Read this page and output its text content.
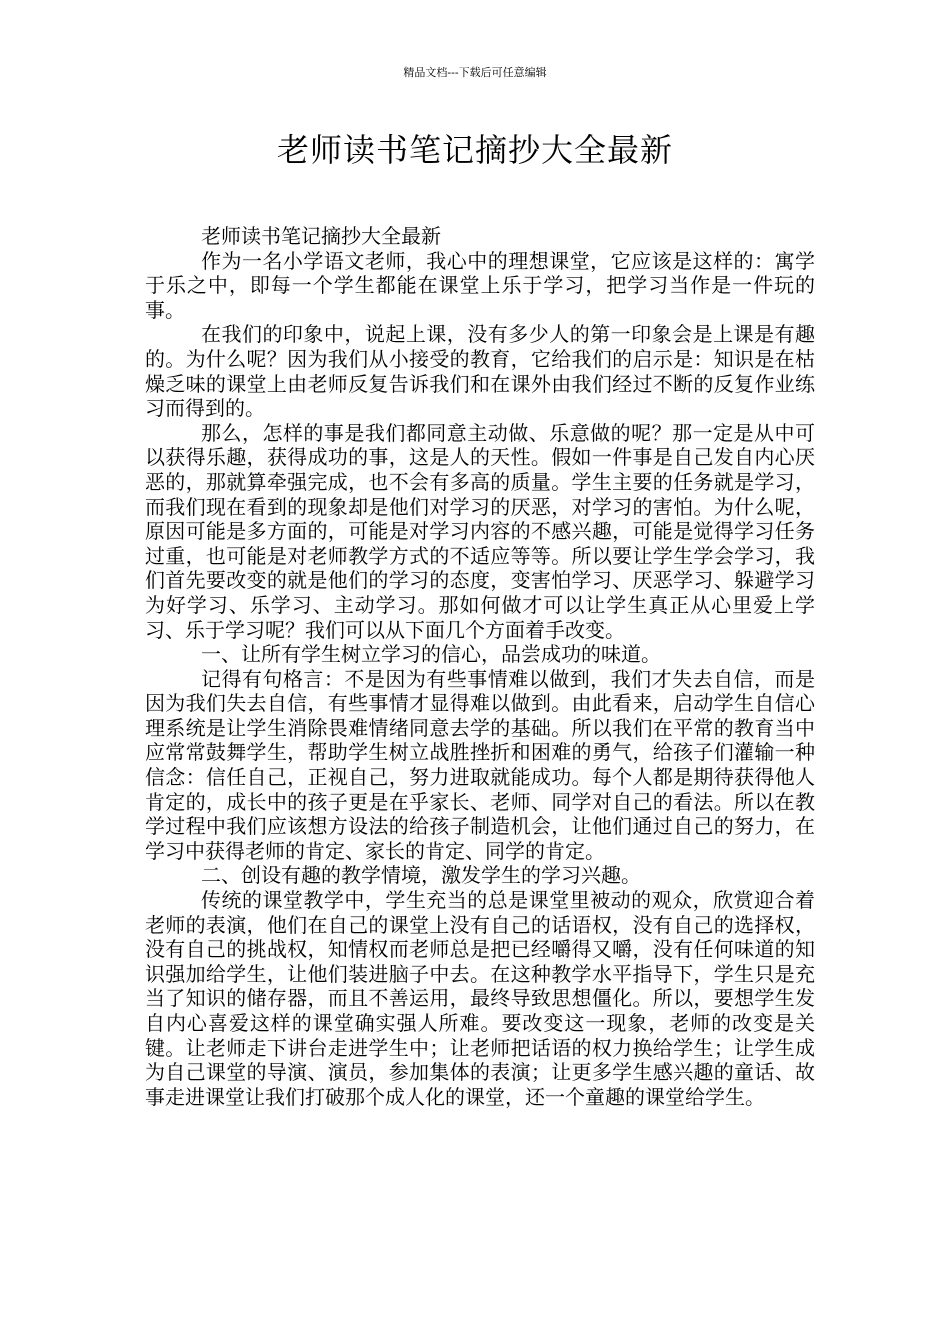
精品文档---下载后可任意编辑
老师读书笔记摘抄大全最新

老师读书笔记摘抄大全最新

作为一名小学语文老师，我心中的理想课堂，它应该是这样的：寓学于乐之中，即每一个学生都能在课堂上乐于学习，把学习当作是一件玩的事。

在我们的印象中，说起上课，没有多少人的第一印象会是上课是有趣的。为什么呢？因为我们从小接受的教育，它给我们的启示是：知识是在枯燥乏味的课堂上由老师反复告诉我们和在课外由我们经过不断的反复作业练习而得到的。

那么，怎样的事是我们都同意主动做、乐意做的呢？那一定是从中可以获得乐趣，获得成功的事，这是人的天性。假如一件事是自己发自内心厌恶的，那就算牵强完成，也不会有多高的质量。学生主要的任务就是学习，而我们现在看到的现象却是他们对学习的厌恶，对学习的害怕。为什么呢，原因可能是多方面的，可能是对学习内容的不感兴趣，可能是觉得学习任务过重，也可能是对老师教学方式的不适应等等。所以要让学生学会学习，我们首先要改变的就是他们的学习的态度，变害怕学习、厌恶学习、躲避学习为好学习、乐学习、主动学习。那如何做才可以让学生真正从心里爱上学习、乐于学习呢？我们可以从下面几个方面着手改变。

一、让所有学生树立学习的信心，品尝成功的味道。

记得有句格言：不是因为有些事情难以做到，我们才失去自信，而是因为我们失去自信，有些事情才显得难以做到。由此看来，启动学生自信心理系统是让学生消除畏难情绪同意去学的基础。所以我们在平常的教育当中应常常鼓舞学生，帮助学生树立战胜挫折和困难的勇气，给孩子们灌输一种信念：信任自己，正视自己，努力进取就能成功。每个人都是期待获得他人肯定的，成长中的孩子更是在乎家长、老师、同学对自己的看法。所以在教学过程中我们应该想方设法的给孩子制造机会，让他们通过自己的努力，在学习中获得老师的肯定、家长的肯定、同学的肯定。

二、创设有趣的教学情境，激发学生的学习兴趣。

传统的课堂教学中，学生充当的总是课堂里被动的观众，欣赏迎合着老师的表演，他们在自己的课堂上没有自己的话语权，没有自己的选择权，没有自己的挑战权，知情权而老师总是把已经嚼得又嚼，没有任何味道的知识强加给学生，让他们装进脑子中去。在这种教学水平指导下，学生只是充当了知识的储存器，而且不善运用，最终导致思想僵化。所以，要想学生发自内心喜爱这样的课堂确实强人所难。要改变这一现象，老师的改变是关键。让老师走下讲台走进学生中；让老师把话语的权力换给学生；让学生成为自己课堂的导演、演员，参加集体的表演；让更多学生感兴趣的童话、故事走进课堂让我们打破那个成人化的课堂，还一个童趣的课堂给学生。
